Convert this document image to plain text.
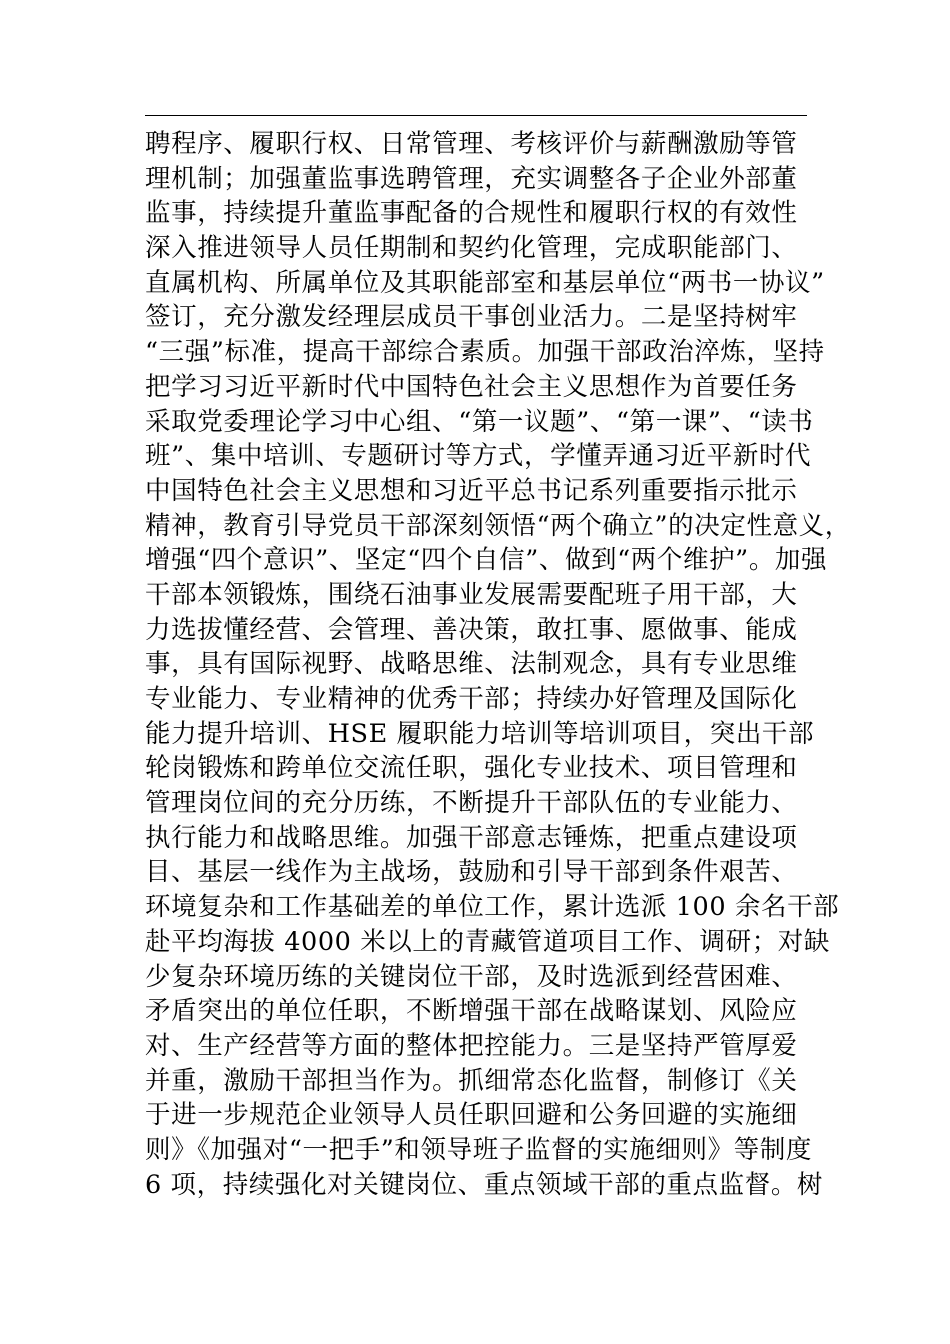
聘程序、履职行权、日常管理、考核评价与薪酬激励等管
理机制；加强董监事选聘管理，充实调整各子企业外部董
监事，持续提升董监事配备的合规性和履职行权的有效性
深入推进领导人员任期制和契约化管理，完成职能部门、
直属机构、所属单位及其职能部室和基层单位“两书一协议”
签订，充分激发经理层成员干事创业活力。二是坚持树牢
“三强”标准，提高干部综合素质。加强干部政治淬炼，坚持
把学习习近平新时代中国特色社会主义思想作为首要任务
采取党委理论学习中心组、“第一议题”、“第一课”、“读书
班”、集中培训、专题研讨等方式，学懂弄通习近平新时代
中国特色社会主义思想和习近平总书记系列重要指示批示
精神，教育引导党员干部深刻领悟“两个确立”的决定性意义，
增强“四个意识”、坚定“四个自信”、做到“两个维护”。加强
干部本领锻炼，围绕石油事业发展需要配班子用干部，大
力选拔懂经营、会管理、善决策，敢扛事、愿做事、能成
事，具有国际视野、战略思维、法制观念，具有专业思维
专业能力、专业精神的优秀干部；持续办好管理及国际化
能力提升培训、HSE 履职能力培训等培训项目，突出干部
轮岗锻炼和跨单位交流任职，强化专业技术、项目管理和
管理岗位间的充分历练，不断提升干部队伍的专业能力、
执行能力和战略思维。加强干部意志锤炼，把重点建设项
目、基层一线作为主战场，鼓励和引导干部到条件艰苦、
环境复杂和工作基础差的单位工作，累计选派 100 余名干部
赴平均海拔 4000 米以上的青藏管道项目工作、调研；对缺
少复杂环境历练的关键岗位干部，及时选派到经营困难、
矛盾突出的单位任职，不断增强干部在战略谋划、风险应
对、生产经营等方面的整体把控能力。三是坚持严管厚爱
并重，激励干部担当作为。抓细常态化监督，制修订《关
于进一步规范企业领导人员任职回避和公务回避的实施细
则》《加强对“一把手”和领导班子监督的实施细则》等制度
6 项，持续强化对关键岗位、重点领域干部的重点监督。树
